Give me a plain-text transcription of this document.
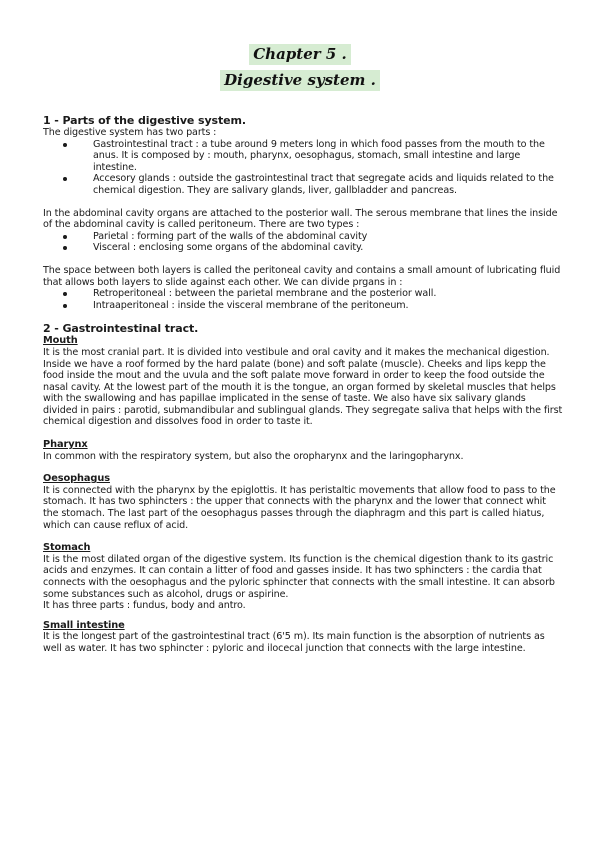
Chapter 5 .
Digestive system .
1 - Parts of the digestive system.

The digestive system has two parts :

Gastrointestinal tract : a tube around 9 meters long in which food passes from the mouth to the anus. It is composed by : mouth, pharynx, oesophagus, stomach, small intestine and large intestine.
Accesory glands : outside the gastrointestinal tract that segregate acids and liquids related to the chemical digestion. They are salivary glands, liver, gallbladder and pancreas.

In the abdominal cavity organs are attached to the posterior wall. The serous membrane that lines the inside of the abdominal cavity is called peritoneum. There are two types :

Parietal : forming part of the walls of the abdominal cavity
Visceral : enclosing some organs of the abdominal cavity.

The space between both layers is called the peritoneal cavity and contains a small amount of lubricating fluid that allows both layers to slide against each other. We can divide prgans in :

Retroperitoneal : between the parietal membrane and the posterior wall.
Intraaperitoneal : inside the visceral membrane of the peritoneum.
2 - Gastrointestinal tract.
Mouth

It is the most cranial part. It is divided into vestibule and oral cavity and it makes the mechanical digestion.

Inside we have a roof formed by the hard palate (bone) and soft palate (muscle). Cheeks and lips kepp the food inside the mout and the uvula and the soft palate move forward in order to keep the food outside the nasal cavity. At the lowest part of the mouth it is the tongue, an organ formed by skeletal muscles that helps with the swallowing and has papillae implicated in the sense of taste. We also have six salivary glands divided in pairs : parotid, submandibular and sublingual glands. They segregate saliva that helps with the first chemical digestion and dissolves food in order to taste it.

Pharynx

In common with the respiratory system, but also the oropharynx and the laringopharynx.

Oesophagus

It is connected with the pharynx by the epiglottis. It has peristaltic movements that allow food to pass to the stomach. It has two sphincters : the upper that connects with the pharynx and the lower that connect whit the stomach. The last part of the oesophagus passes through the diaphragm and this part is called hiatus, which can cause reflux of acid.

Stomach

It is the most dilated organ of the digestive system. Its function is the chemical digestion thank to its gastric acids and enzymes. It can contain a litter of food and gasses inside. It has two sphincters : the cardia that connects with the oesophagus and the pyloric sphincter that connects with the small intestine. It can absorb some substances such as alcohol, drugs or aspirine.

It has three parts : fundus, body and antro.

Small intestine

It is the longest part of the gastrointestinal tract (6'5 m). Its main function is the absorption of nutrients as well as water. It has two sphincter : pyloric and ilocecal junction that connects with the large intestine.
